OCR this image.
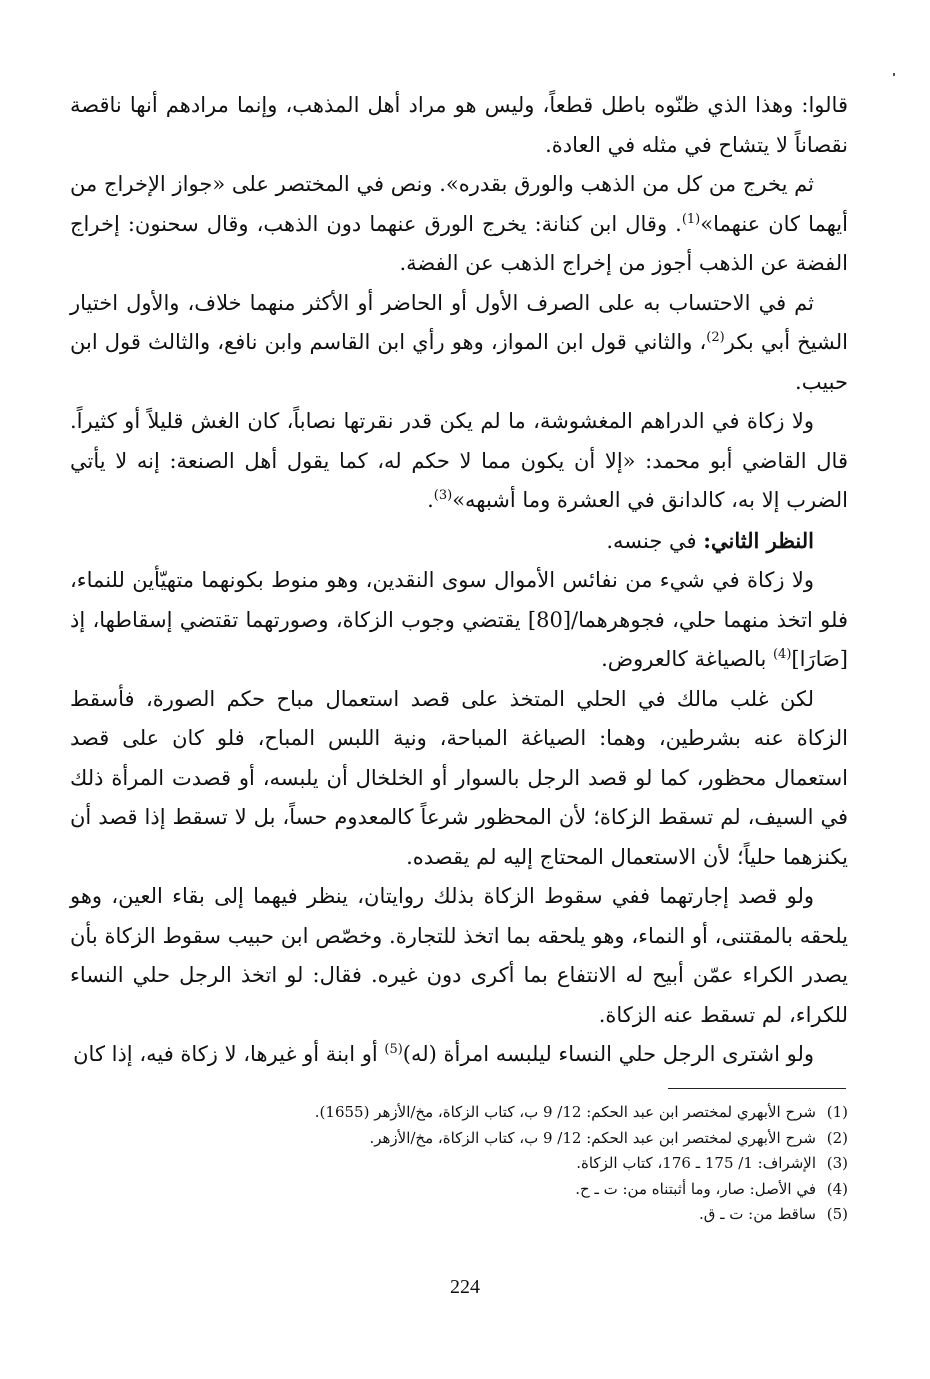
قالوا: وهذا الذي ظنّوه باطل قطعاً، وليس هو مراد أهل المذهب، وإنما مرادهم أنها ناقصة نقصاناً لا يتشاح في مثله في العادة.

ثم يخرج من كل من الذهب والورق بقدره». ونص في المختصر على «جواز الإخراج من أيهما كان عنهما»$^{(1)}$. وقال ابن كنانة: يخرج الورق عنهما دون الذهب، وقال سحنون: إخراج الفضة عن الذهب أجوز من إخراج الذهب عن الفضة.

ثم في الاحتساب به على الصرف الأول أو الحاضر أو الأكثر منهما خلاف، والأول اختيار الشيخ أبي بكر$^{(2)}$، والثاني قول ابن المواز، وهو رأي ابن القاسم وابن نافع، والثالث قول ابن حبيب.

ولا زكاة في الدراهم المغشوشة، ما لم يكن قدر نقرتها نصاباً، كان الغش قليلاً أو كثيراً. قال القاضي أبو محمد: «إلا أن يكون مما لا حكم له، كما يقول أهل الصنعة: إنه لا يأتي الضرب إلا به، كالدانق في العشرة وما أشبهه»$^{(3)}$.

النظر الثاني: في جنسه.

ولا زكاة في شيء من نفائس الأموال سوى النقدين، وهو منوط بكونهما متهيّأين للنماء، فلو اتخذ منهما حلي، فجوهرهما/[80] يقتضي وجوب الزكاة، وصورتهما تقتضي إسقاطها، إذ [صَارَا]$^{(4)}$ بالصياغة كالعروض.

لكن غلب مالك في الحلي المتخذ على قصد استعمال مباح حكم الصورة، فأسقط الزكاة عنه بشرطين، وهما: الصياغة المباحة، ونية اللبس المباح، فلو كان على قصد استعمال محظور، كما لو قصد الرجل بالسوار أو الخلخال أن يلبسه، أو قصدت المرأة ذلك في السيف، لم تسقط الزكاة؛ لأن المحظور شرعاً كالمعدوم حساً، بل لا تسقط إذا قصد أن يكنزهما حلياً؛ لأن الاستعمال المحتاج إليه لم يقصده.

ولو قصد إجارتهما ففي سقوط الزكاة بذلك روايتان، ينظر فيهما إلى بقاء العين، وهو يلحقه بالمقتنى، أو النماء، وهو يلحقه بما اتخذ للتجارة. وخصّص ابن حبيب سقوط الزكاة بأن يصدر الكراء عمّن أبيح له الانتفاع بما أكرى دون غيره. فقال: لو اتخذ الرجل حلي النساء للكراء، لم تسقط عنه الزكاة.

ولو اشترى الرجل حلي النساء ليلبسه امرأة (له)$^{(5)}$ أو ابنة أو غيرها، لا زكاة فيه، إذا كان

(1)
شرح الأبهري لمختصر ابن عبد الحكم: 12/ 9 ب، كتاب الزكاة، مخ/الأزهر (1655).
(2)
شرح الأبهري لمختصر ابن عبد الحكم: 12/ 9 ب، كتاب الزكاة، مخ/الأزهر.
(3)
الإشراف: 1/ 175 ـ 176، كتاب الزكاة.
(4)
في الأصل: صار، وما أثبتناه من: ت ـ ح.
(5)
ساقط من: ت ـ ق.
224
